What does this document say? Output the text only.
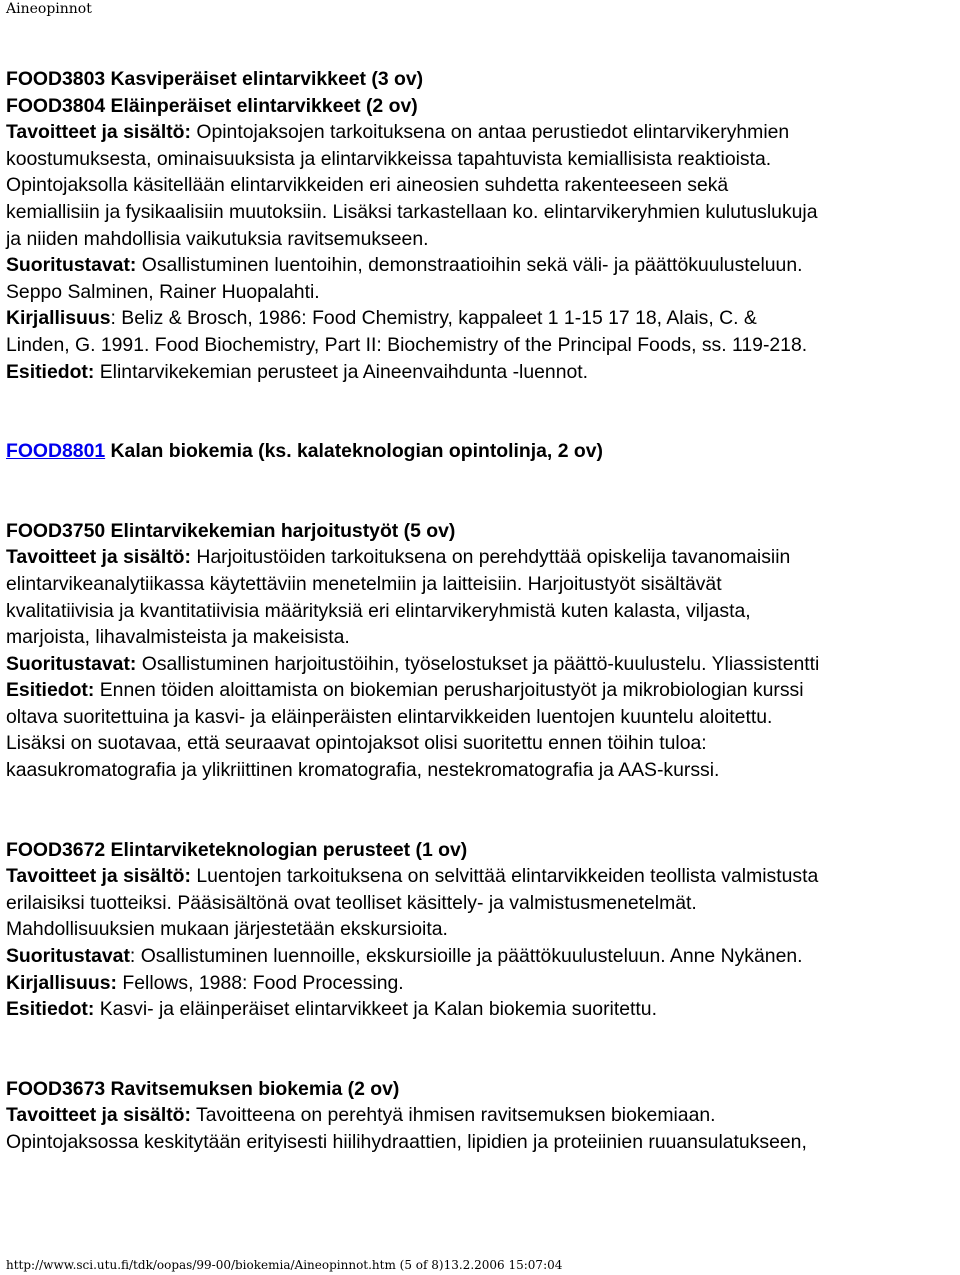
Aineopinnot
FOOD3803 Kasviperäiset elintarvikkeet (3 ov)
FOOD3804 Eläinperäiset elintarvikkeet (2 ov)
Tavoitteet ja sisältö: Opintojaksojen tarkoituksena on antaa perustiedot elintarvikeryhmien
koostumuksesta, ominaisuuksista ja elintarvikkeissa tapahtuvista kemiallisista reaktioista.
Opintojaksolla käsitellään elintarvikkeiden eri aineosien suhdetta rakenteeseen sekä
kemiallisiin ja fysikaalisiin muutoksiin. Lisäksi tarkastellaan ko. elintarvikeryhmien kulutuslukuja
ja niiden mahdollisia vaikutuksia ravitsemukseen.
Suoritustavat: Osallistuminen luentoihin, demonstraatioihin sekä väli- ja päättökuulusteluun.
Seppo Salminen, Rainer Huopalahti.
Kirjallisuus: Beliz & Brosch, 1986: Food Chemistry, kappaleet 1 1-15 17 18, Alais, C. &
Linden, G. 1991. Food Biochemistry, Part II: Biochemistry of the Principal Foods, ss. 119-218.
Esitiedot: Elintarvikekemian perusteet ja Aineenvaihdunta -luennot.
FOOD8801 Kalan biokemia (ks. kalateknologian opintolinja, 2 ov)
FOOD3750 Elintarvikekemian harjoitustyöt (5 ov)
Tavoitteet ja sisältö: Harjoitustöiden tarkoituksena on perehdyttää opiskelija tavanomaisiin
elintarvikeanalytiikassa käytettäviin menetelmiin ja laitteisiin. Harjoitustyöt sisältävät
kvalitatiivisia ja kvantitatiivisia määrityksiä eri elintarvikeryhmistä kuten kalasta, viljasta,
marjoista, lihavalmisteista ja makeisista.
Suoritustavat: Osallistuminen harjoitustöihin, työselostukset ja päättö-kuulustelu. Yliassistentti
Esitiedot: Ennen töiden aloittamista on biokemian perusharjoitustyöt ja mikrobiologian kurssi
oltava suoritettuina ja kasvi- ja eläinperäisten elintarvikkeiden luentojen kuuntelu aloitettu.
Lisäksi on suotavaa, että seuraavat opintojaksot olisi suoritettu ennen töihin tuloa:
kaasukromatografia ja ylikriittinen kromatografia, nestekromatografia ja AAS-kurssi.
FOOD3672 Elintarviketeknologian perusteet (1 ov)
Tavoitteet ja sisältö: Luentojen tarkoituksena on selvittää elintarvikkeiden teollista valmistusta
erilaisiksi tuotteiksi. Pääsisältönä ovat teolliset käsittely- ja valmistusmenetelmät.
Mahdollisuuksien mukaan järjestetään ekskursioita.
Suoritustavat: Osallistuminen luennoille, ekskursioille ja päättökuulusteluun. Anne Nykänen.
Kirjallisuus: Fellows, 1988: Food Processing.
Esitiedot: Kasvi- ja eläinperäiset elintarvikkeet ja Kalan biokemia suoritettu.
FOOD3673 Ravitsemuksen biokemia (2 ov)
Tavoitteet ja sisältö: Tavoitteena on perehtyä ihmisen ravitsemuksen biokemiaan.
Opintojaksossa keskitytään erityisesti hiilihydraattien, lipidien ja proteiinien ruuansulatukseen,
http://www.sci.utu.fi/tdk/oopas/99-00/biokemia/Aineopinnot.htm (5 of 8)13.2.2006 15:07:04
